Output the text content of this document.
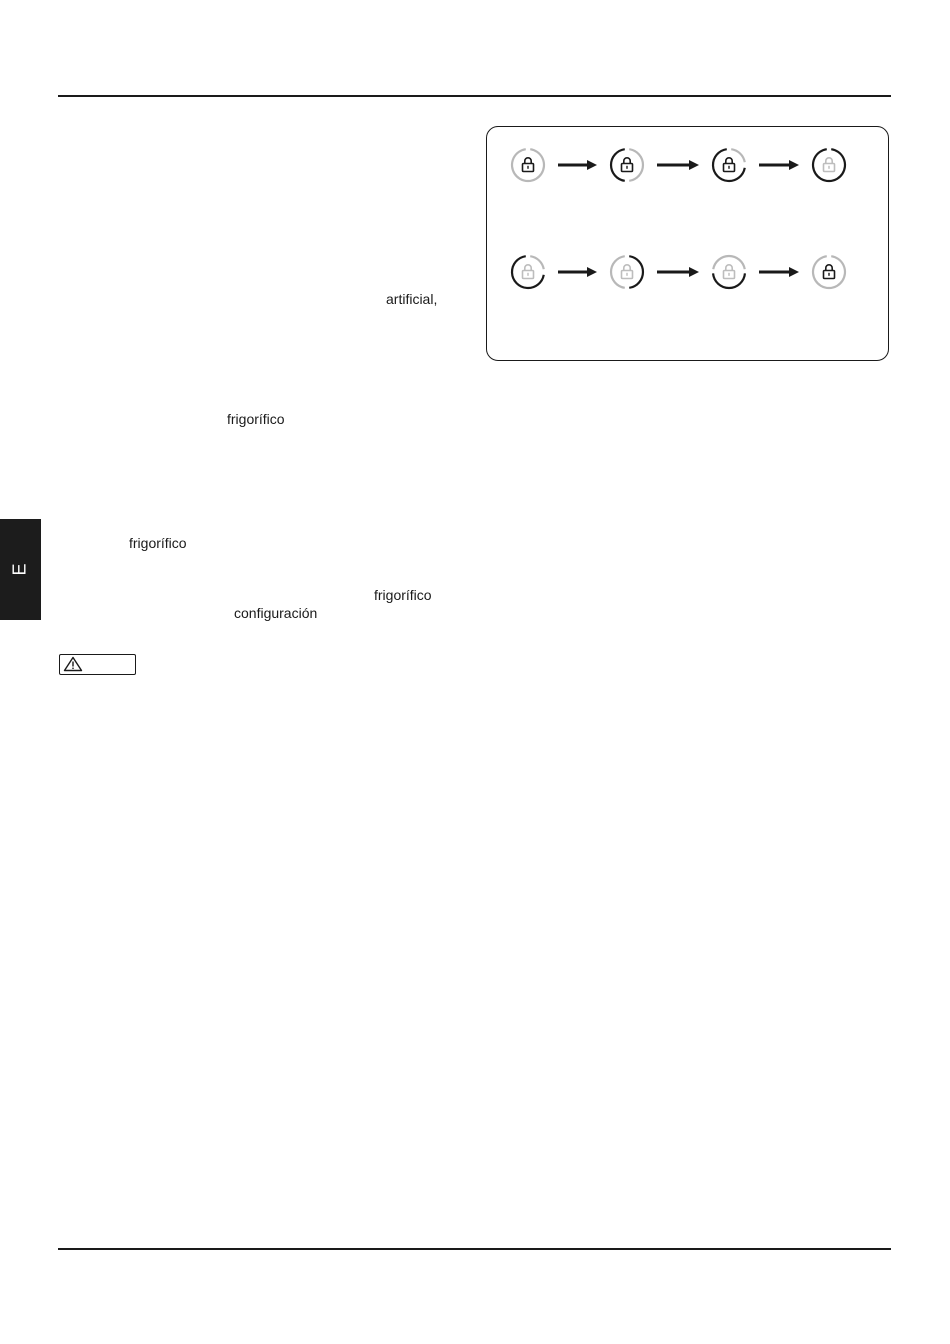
artificial,
frigorífico
frigorífico
frigorífico
configuración
E
